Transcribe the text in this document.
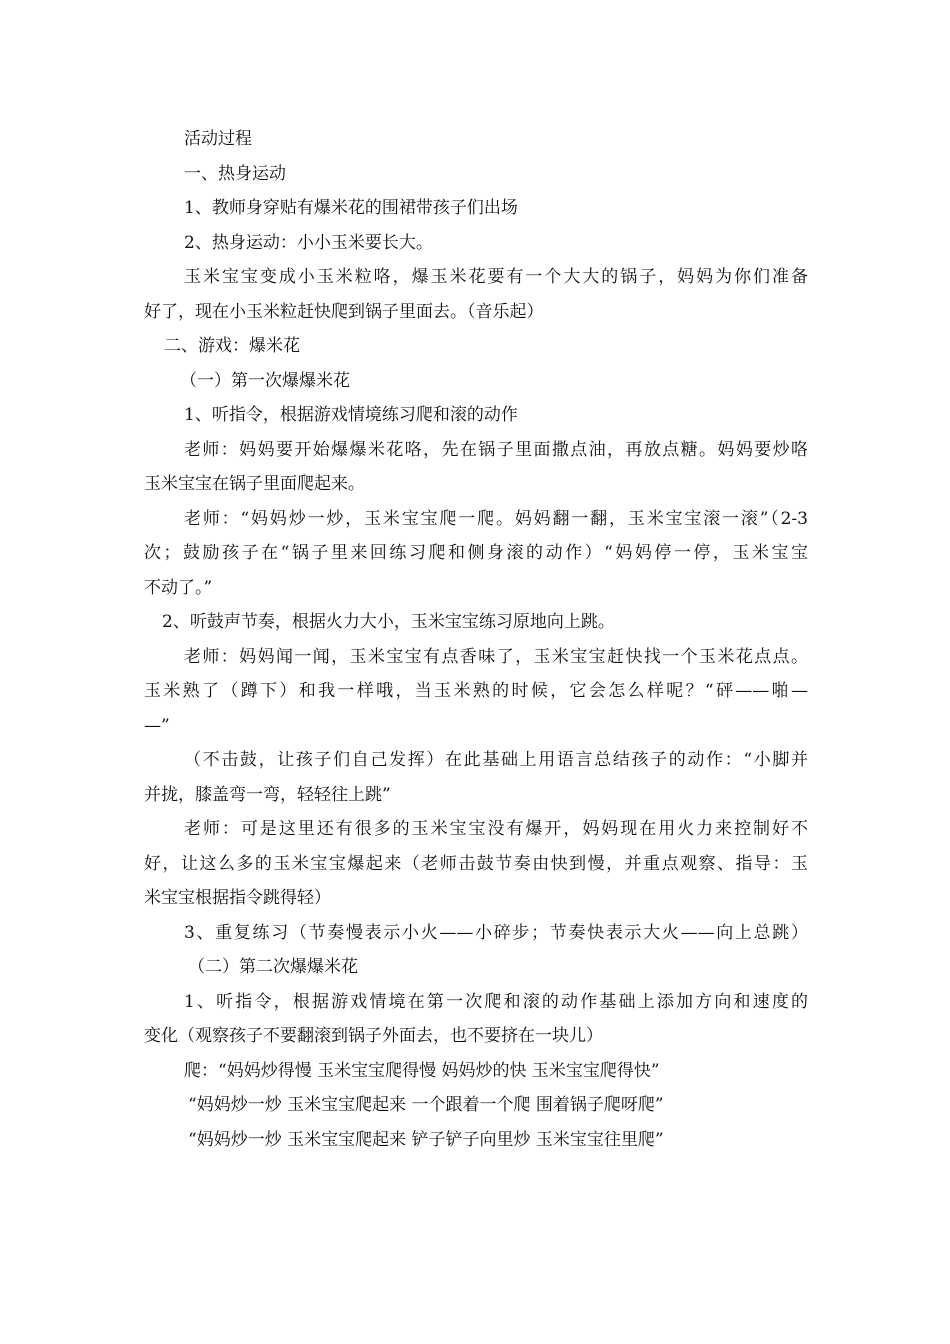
活动过程
一、热身运动
1、教师身穿贴有爆米花的围裙带孩子们出场
2、热身运动：小小玉米要长大。
玉米宝宝变成小玉米粒咯，爆玉米花要有一个大大的锅子，妈妈为你们准备
好了，现在小玉米粒赶快爬到锅子里面去。（音乐起）
二、游戏：爆米花
（一）第一次爆爆米花
1、听指令，根据游戏情境练习爬和滚的动作
老师：妈妈要开始爆爆米花咯，先在锅子里面撒点油，再放点糖。妈妈要炒咯
玉米宝宝在锅子里面爬起来。
老师：“妈妈炒一炒，玉米宝宝爬一爬。妈妈翻一翻，玉米宝宝滚一滚”（2-3
次；鼓励孩子在“锅子里来回练习爬和侧身滚的动作）“妈妈停一停，玉米宝宝
不动了。”
2、听鼓声节奏，根据火力大小，玉米宝宝练习原地向上跳。
老师：妈妈闻一闻，玉米宝宝有点香味了，玉米宝宝赶快找一个玉米花点点。
玉米熟了（蹲下）和我一样哦，当玉米熟的时候，它会怎么样呢？“砰——啪—
—”
（不击鼓，让孩子们自己发挥）在此基础上用语言总结孩子的动作：“小脚并
并拢，膝盖弯一弯，轻轻往上跳”
老师：可是这里还有很多的玉米宝宝没有爆开，妈妈现在用火力来控制好不
好，让这么多的玉米宝宝爆起来（老师击鼓节奏由快到慢，并重点观察、指导：玉
米宝宝根据指令跳得轻）
3、重复练习（节奏慢表示小火——小碎步；节奏快表示大火——向上总跳）
（二）第二次爆爆米花
1、听指令，根据游戏情境在第一次爬和滚的动作基础上添加方向和速度的
变化（观察孩子不要翻滚到锅子外面去，也不要挤在一块儿）
爬：“妈妈炒得慢 玉米宝宝爬得慢 妈妈炒的快 玉米宝宝爬得快”
“妈妈炒一炒 玉米宝宝爬起来 一个跟着一个爬 围着锅子爬呀爬”
“妈妈炒一炒 玉米宝宝爬起来 铲子铲子向里炒 玉米宝宝往里爬”
